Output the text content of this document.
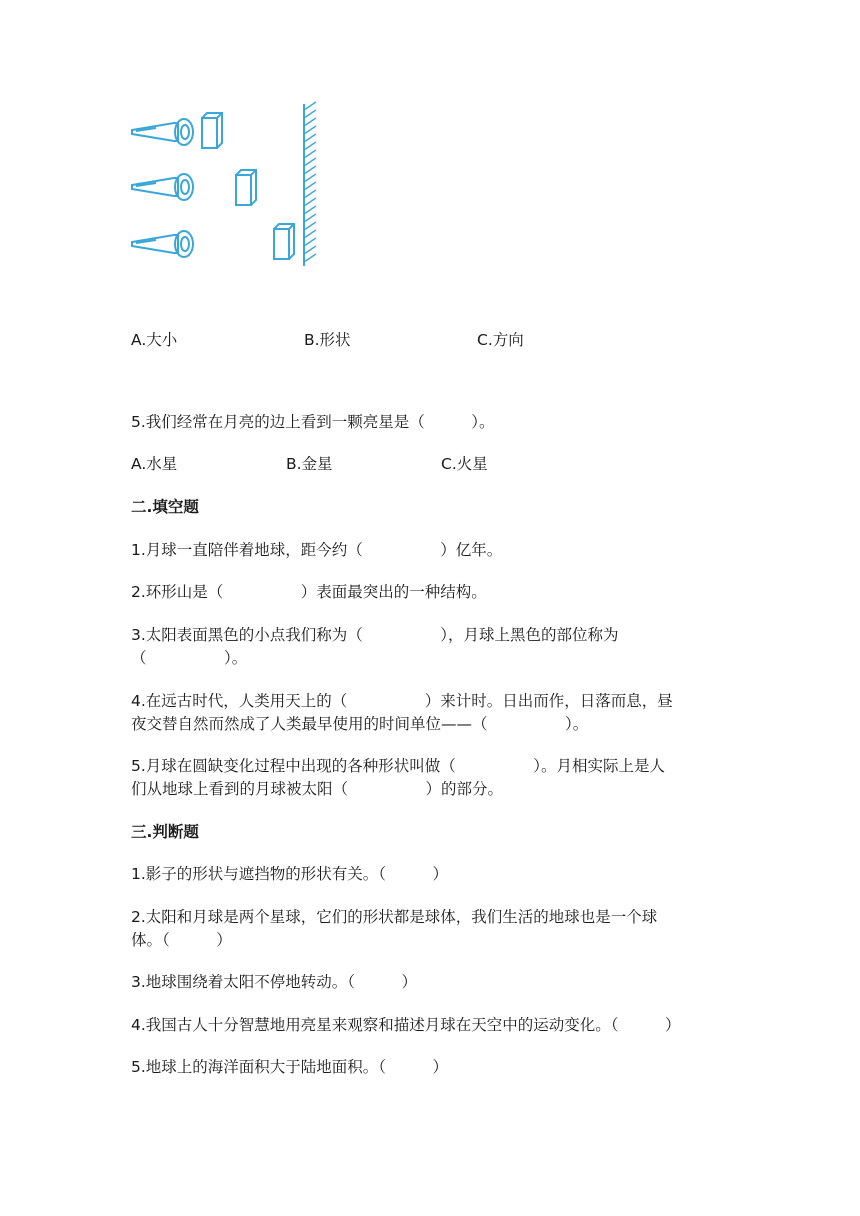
A.大小	B.形状	C.方向
5.我们经常在月亮的边上看到一颗亮星是（　　　）。
A.水星	B.金星	C.火星
二.填空题
1.月球一直陪伴着地球，距今约（　　　　　）亿年。
2.环形山是（　　　　　）表面最突出的一种结构。
3.太阳表面黑色的小点我们称为（　　　　　），月球上黑色的部位称为
（　　　　　）。
4.在远古时代，人类用天上的（　　　　　）来计时。日出而作，日落而息，昼
夜交替自然而然成了人类最早使用的时间单位——（　　　　　）。
5.月球在圆缺变化过程中出现的各种形状叫做（　　　　　）。月相实际上是人
们从地球上看到的月球被太阳（　　　　　）的部分。
三.判断题
1.影子的形状与遮挡物的形状有关。（　　　）
2.太阳和月球是两个星球，它们的形状都是球体，我们生活的地球也是一个球
体。（　　　）
3.地球围绕着太阳不停地转动。（　　　）
4.我国古人十分智慧地用亮星来观察和描述月球在天空中的运动变化。（　　　）
5.地球上的海洋面积大于陆地面积。（　　　）
